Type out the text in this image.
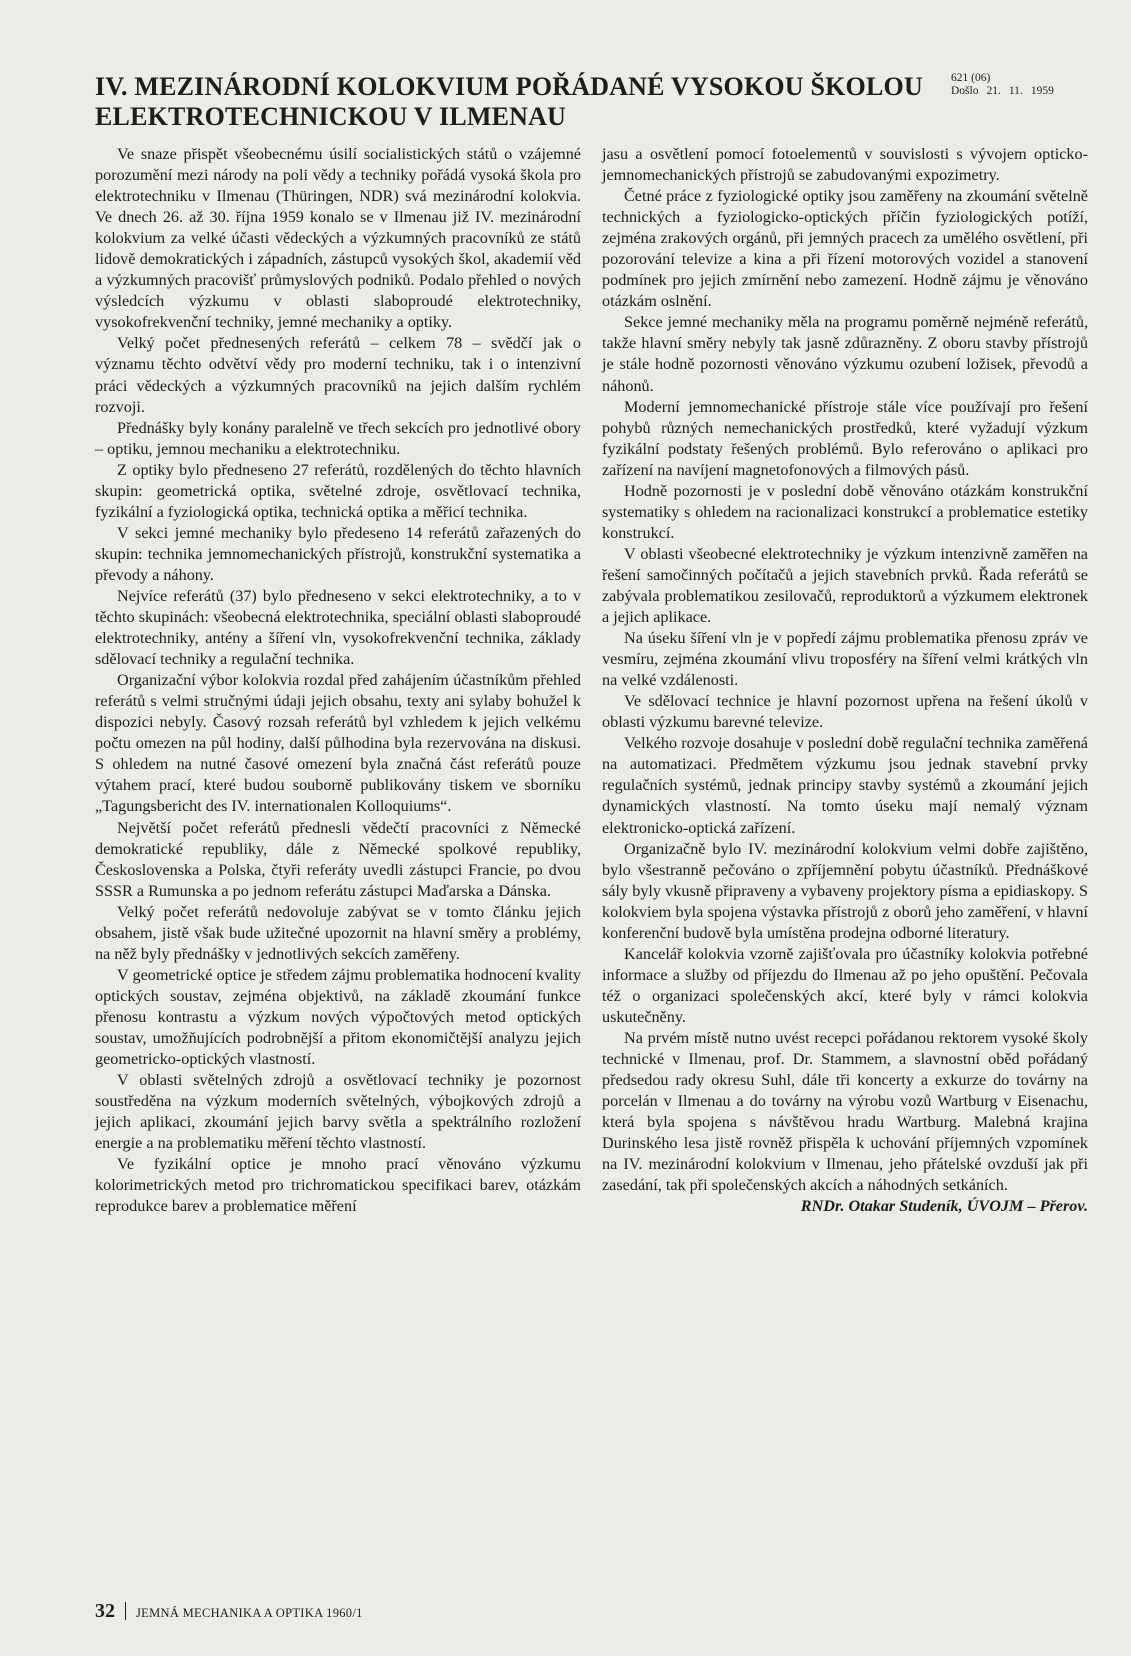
IV. MEZINÁRODNÍ KOLOKVIUM POŘÁDANÉ VYSOKOU ŠKOLOU
ELEKTROTECHNICKOU V ILMENAU
621 (06)
Došlo 21. 11. 1959

Ve snaze přispět všeobecnému úsilí socialistických států o vzájemné porozumění mezi národy na poli vědy a techniky pořádá vysoká škola pro elektrotechniku v Ilmenau (Thüringen, NDR) svá mezinárodní kolokvia. Ve dnech 26. až 30. října 1959 konalo se v Ilmenau již IV. mezinárodní kolokvium za velké účasti vědeckých a výzkumných pracovníků ze států lidově demokratických i západních, zástupců vysokých škol, akademií věd a výzkumných pracovišť průmyslových podniků. Podalo přehled o nových výsledcích výzkumu v oblasti slaboproudé elektrotechniky, vysokofrekvenční techniky, jemné mechaniky a optiky.

Velký počet přednesených referátů – celkem 78 – svědčí jak o významu těchto odvětví vědy pro moderní techniku, tak i o intenzivní práci vědeckých a výzkumných pracovníků na jejich dalším rychlém rozvoji.

Přednášky byly konány paralelně ve třech sekcích pro jednotlivé obory – optiku, jemnou mechaniku a elektrotechniku.

Z optiky bylo předneseno 27 referátů, rozdělených do těchto hlavních skupin: geometrická optika, světelné zdroje, osvětlovací technika, fyzikální a fyziologická optika, technická optika a měřicí technika.

V sekci jemné mechaniky bylo předeseno 14 referátů zařazených do skupin: technika jemnomechanických přístrojů, konstrukční systematika a převody a náhony.

Nejvíce referátů (37) bylo předneseno v sekci elektrotechniky, a to v těchto skupinách: všeobecná elektrotechnika, speciální oblasti slaboproudé elektrotechniky, antény a šíření vln, vysokofrekvenční technika, základy sdělovací techniky a regulační technika.

Organizační výbor kolokvia rozdal před zahájením účastníkům přehled referátů s velmi stručnými údaji jejich obsahu, texty ani sylaby bohužel k dispozici nebyly. Časový rozsah referátů byl vzhledem k jejich velkému počtu omezen na půl hodiny, další půlhodina byla rezervována na diskusi. S ohledem na nutné časové omezení byla značná část referátů pouze výtahem prací, které budou souborně publikovány tiskem ve sborníku „Tagungsbericht des IV. internationalen Kolloquiums“.

Největší počet referátů přednesli vědečtí pracovníci z Německé demokratické republiky, dále z Německé spolkové republiky, Československa a Polska, čtyři referáty uvedli zástupci Francie, po dvou SSSR a Rumunska a po jednom referátu zástupci Maďarska a Dánska.

Velký počet referátů nedovoluje zabývat se v tomto článku jejich obsahem, jistě však bude užitečné upozornit na hlavní směry a problémy, na něž byly přednášky v jednotlivých sekcích zaměřeny.

V geometrické optice je středem zájmu problematika hodnocení kvality optických soustav, zejména objektivů, na základě zkoumání funkce přenosu kontrastu a výzkum nových výpočtových metod optických soustav, umožňujících podrobnější a přitom ekonomičtější analyzu jejich geometricko-optických vlastností.

V oblasti světelných zdrojů a osvětlovací techniky je pozornost soustředěna na výzkum moderních světelných, výbojkových zdrojů a jejich aplikaci, zkoumání jejich barvy světla a spektrálního rozložení energie a na problematiku měření těchto vlastností.

Ve fyzikální optice je mnoho prací věnováno výzkumu kolorimetrických metod pro trichromatickou specifikaci barev, otázkám reprodukce barev a problematice měření

jasu a osvětlení pomocí fotoelementů v souvislosti s vývojem opticko-jemnomechanických přístrojů se zabudovanými expozimetry.

Četné práce z fyziologické optiky jsou zaměřeny na zkoumání světelně technických a fyziologicko-optických příčin fyziologických potíží, zejména zrakových orgánů, při jemných pracech za umělého osvětlení, při pozorování televize a kina a při řízení motorových vozidel a stanovení podmínek pro jejich zmírnění nebo zamezení. Hodně zájmu je věnováno otázkám oslnění.

Sekce jemné mechaniky měla na programu poměrně nejméně referátů, takže hlavní směry nebyly tak jasně zdůrazněny. Z oboru stavby přístrojů je stále hodně pozornosti věnováno výzkumu ozubení ložisek, převodů a náhonů.

Moderní jemnomechanické přístroje stále více používají pro řešení pohybů různých nemechanických prostředků, které vyžadují výzkum fyzikální podstaty řešených problémů. Bylo referováno o aplikaci pro zařízení na navíjení magnetofonových a filmových pásů.

Hodně pozornosti je v poslední době věnováno otázkám konstrukční systematiky s ohledem na racionalizaci konstrukcí a problematice estetiky konstrukcí.

V oblasti všeobecné elektrotechniky je výzkum intenzivně zaměřen na řešení samočinných počítačů a jejich stavebních prvků. Řada referátů se zabývala problematikou zesilovačů, reproduktorů a výzkumem elektronek a jejich aplikace.

Na úseku šíření vln je v popředí zájmu problematika přenosu zpráv ve vesmíru, zejména zkoumání vlivu troposféry na šíření velmi krátkých vln na velké vzdálenosti.

Ve sdělovací technice je hlavní pozornost upřena na řešení úkolů v oblasti výzkumu barevné televize.

Velkého rozvoje dosahuje v poslední době regulační technika zaměřená na automatizaci. Předmětem výzkumu jsou jednak stavební prvky regulačních systémů, jednak principy stavby systémů a zkoumání jejich dynamických vlastností. Na tomto úseku mají nemalý význam elektronicko-optická zařízení.

Organizačně bylo IV. mezinárodní kolokvium velmi dobře zajištěno, bylo všestranně pečováno o zpříjemnění pobytu účastníků. Přednáškové sály byly vkusně připraveny a vybaveny projektory písma a epidiaskopy. S kolokviem byla spojena výstavka přístrojů z oborů jeho zaměření, v hlavní konferenční budově byla umístěna prodejna odborné literatury.

Kancelář kolokvia vzorně zajišťovala pro účastníky kolokvia potřebné informace a služby od příjezdu do Ilmenau až po jeho opuštění. Pečovala též o organizaci společenských akcí, které byly v rámci kolokvia uskutečněny.

Na prvém místě nutno uvést recepci pořádanou rektorem vysoké školy technické v Ilmenau, prof. Dr. Stammem, a slavnostní oběd pořádaný předsedou rady okresu Suhl, dále tři koncerty a exkurze do továrny na porcelán v Ilmenau a do továrny na výrobu vozů Wartburg v Eisenachu, která byla spojena s návštěvou hradu Wartburg. Malebná krajina Durinského lesa jistě rovněž přispěla k uchování příjemných vzpomínek na IV. mezinárodní kolokvium v Ilmenau, jeho přátelské ovzduší jak při zasedání, tak při společenských akcích a náhodných setkáních.

RNDr. Otakar Studeník, ÚVOJM – Přerov.

32 JEMNÁ MECHANIKA A OPTIKA 1960/1
